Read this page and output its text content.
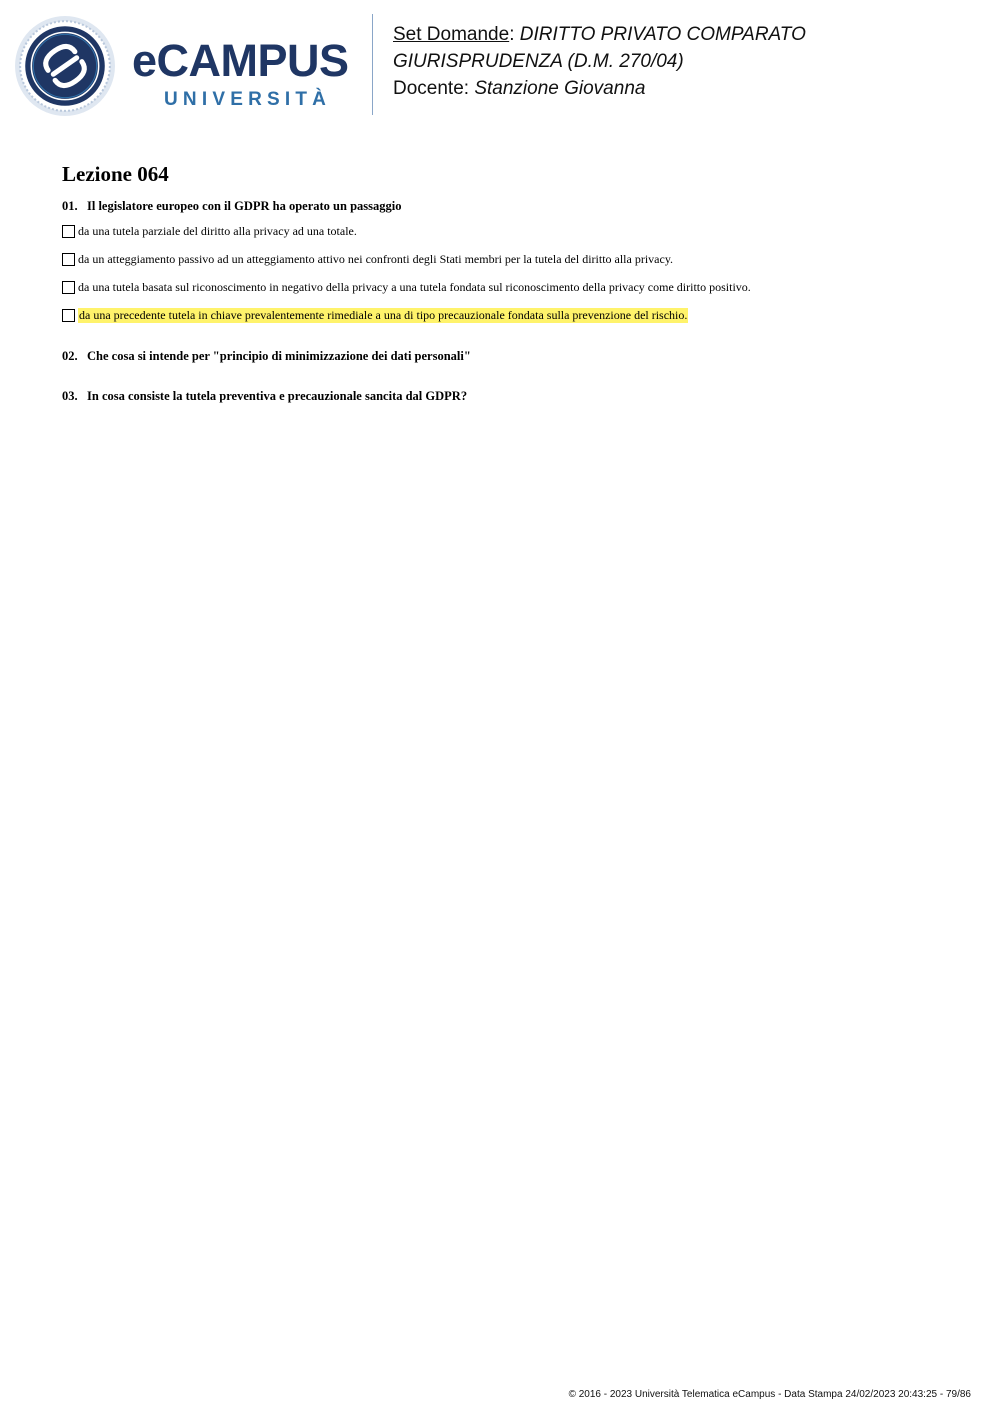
eCAMPUS
UNIVERSITÀ
Set Domande: DIRITTO PRIVATO COMPARATO
GIURISPRUDENZA (D.M. 270/04)
Docente: Stanzione Giovanna
Lezione 064
01. Il legislatore europeo con il GDPR ha operato un passaggio
da una tutela parziale del diritto alla privacy ad una totale.
da un atteggiamento passivo ad un atteggiamento attivo nei confronti degli Stati membri per la tutela del diritto alla privacy.
da una tutela basata sul riconoscimento in negativo della privacy a una tutela fondata sul riconoscimento della privacy come diritto positivo.
da una precedente tutela in chiave prevalentemente rimediale a una di tipo precauzionale fondata sulla prevenzione del rischio.
02. Che cosa si intende per "principio di minimizzazione dei dati personali"
03. In cosa consiste la tutela preventiva e precauzionale sancita dal GDPR?
© 2016 - 2023 Università Telematica eCampus - Data Stampa 24/02/2023 20:43:25 - 79/86
